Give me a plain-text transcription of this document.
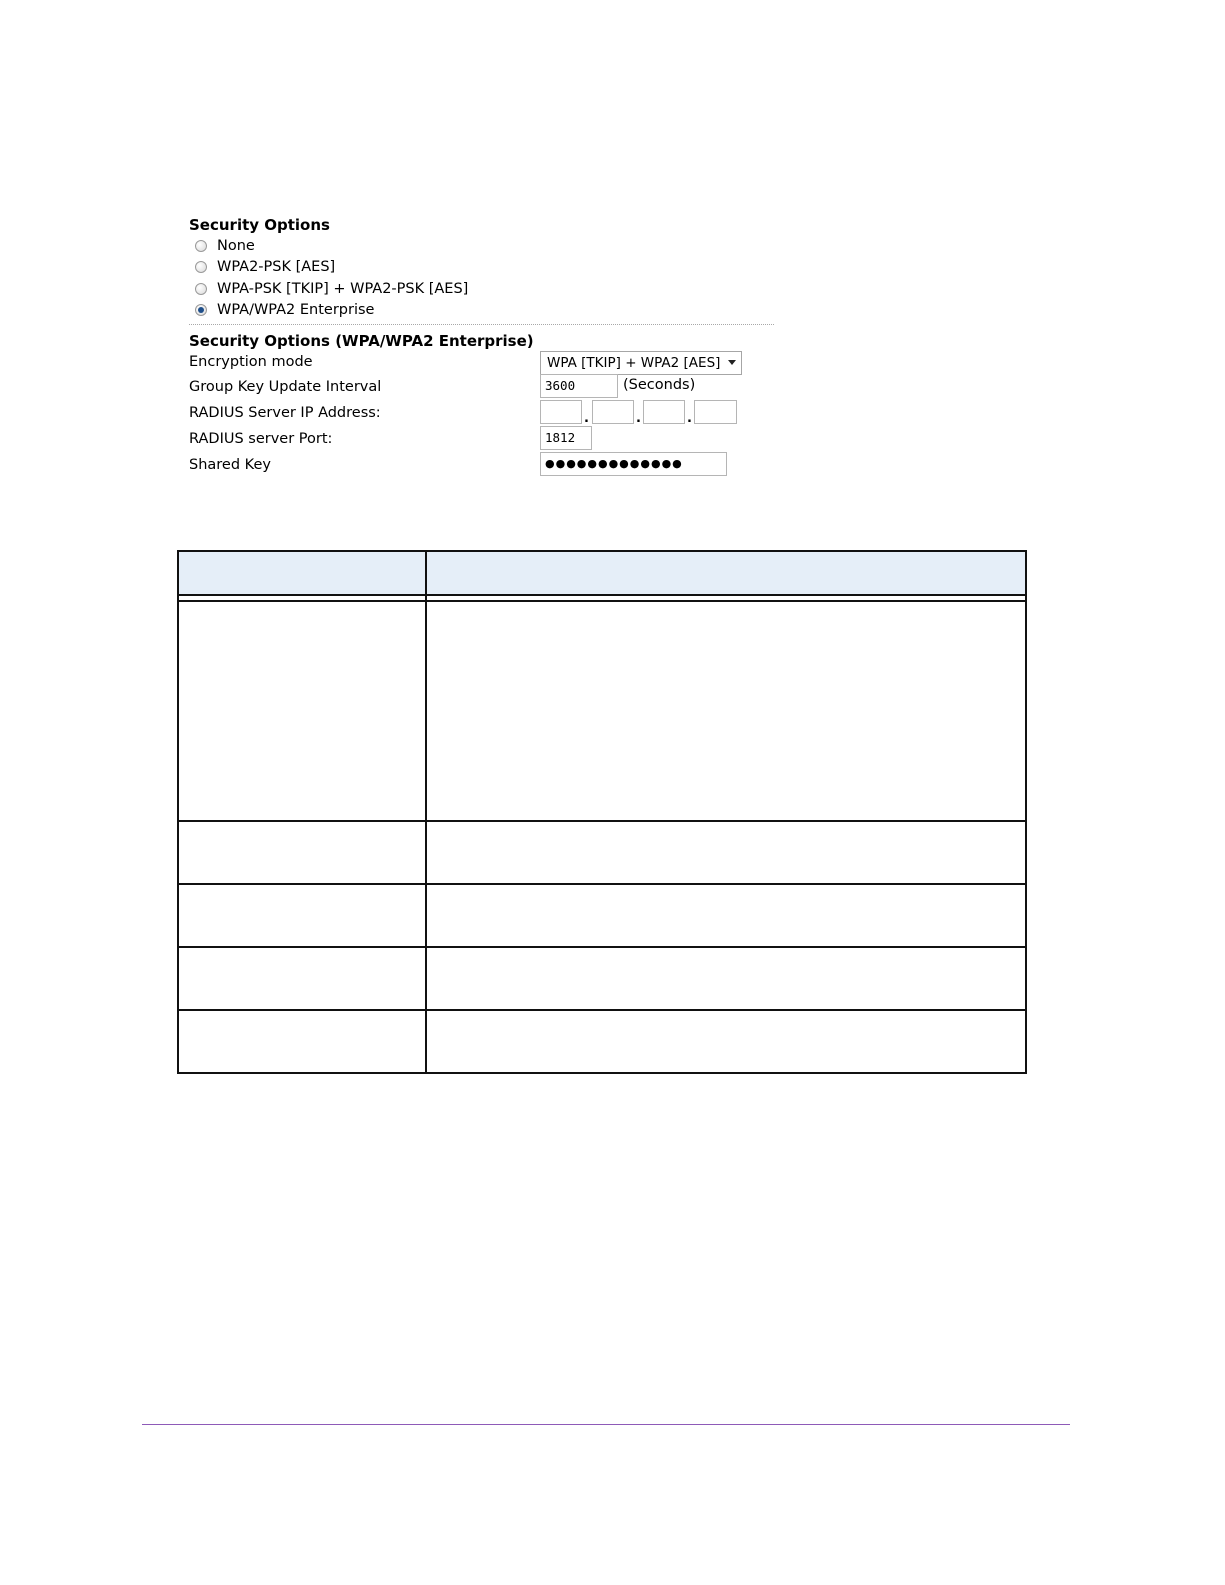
Security Options
None
WPA2-PSK [AES]
WPA-PSK [TKIP] + WPA2-PSK [AES]
WPA/WPA2 Enterprise
Security Options (WPA/WPA2 Enterprise)
Encryption mode	WPA [TKIP] + WPA2 [AES]
Group Key Update Interval	3600	(Seconds)
RADIUS Server IP Address:	.	.	.
RADIUS server Port:	1812
Shared Key	●●●●●●●●●●●●●
